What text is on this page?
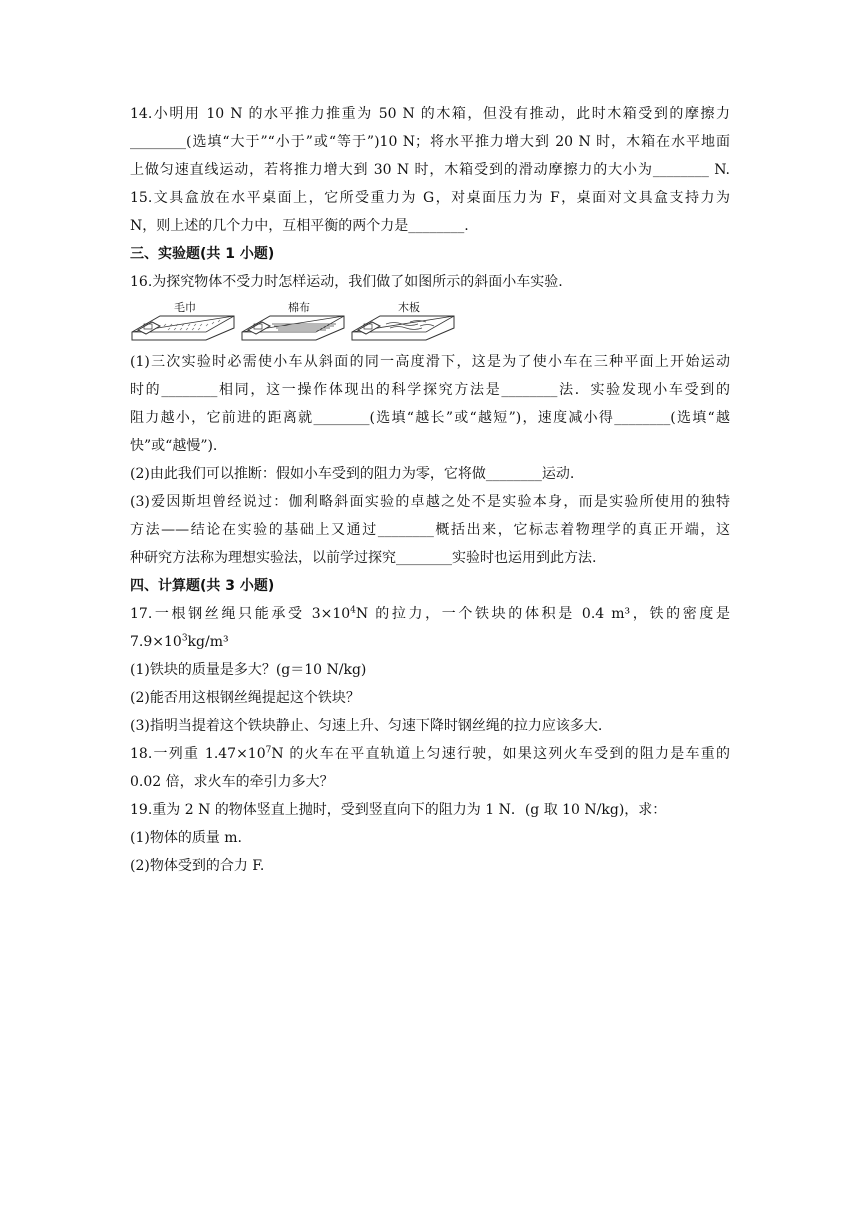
14.小明用 10 N 的水平推力推重为 50 N 的木箱，但没有推动，此时木箱受到的摩擦力
________(选填“大于”“小于”或“等于”)10 N；将水平推力增大到 20 N 时，木箱在水平地面
上做匀速直线运动，若将推力增大到 30 N 时，木箱受到的滑动摩擦力的大小为________ N.
15.文具盒放在水平桌面上，它所受重力为 G，对桌面压力为 F，桌面对文具盒支持力为
N，则上述的几个力中，互相平衡的两个力是________.
三、实验题(共 1 小题)
16.为探究物体不受力时怎样运动，我们做了如图所示的斜面小车实验.
毛巾	棉布	木板
(1)三次实验时必需使小车从斜面的同一高度滑下，这是为了使小车在三种平面上开始运动
时的________相同，这一操作体现出的科学探究方法是________法．实验发现小车受到的
阻力越小，它前进的距离就________(选填“越长”或“越短”)，速度减小得________(选填“越
快”或“越慢”).
(2)由此我们可以推断：假如小车受到的阻力为零，它将做________运动.
(3)爱因斯坦曾经说过：伽利略斜面实验的卓越之处不是实验本身，而是实验所使用的独特
方法——结论在实验的基础上又通过________概括出来，它标志着物理学的真正开端，这
种研究方法称为理想实验法，以前学过探究________实验时也运用到此方法.
四、计算题(共 3 小题)
17.一根钢丝绳只能承受 $3\times 10^4N$ 的拉力，一个铁块的体积是 0.4 m³，铁的密度是
$7.9\times 10^3kg/m^3$
(1)铁块的质量是多大？(g＝10 N/kg)
(2)能否用这根钢丝绳提起这个铁块？
(3)指明当提着这个铁块静止、匀速上升、匀速下降时钢丝绳的拉力应该多大.
18.一列重 $1.47\times 10^7N$ 的火车在平直轨道上匀速行驶，如果这列火车受到的阻力是车重的
0.02 倍，求火车的牵引力多大？
19.重为 2 N 的物体竖直上抛时，受到竖直向下的阻力为 1 N．(g 取 10 N/kg)，求：
(1)物体的质量 m.
(2)物体受到的合力 F.
